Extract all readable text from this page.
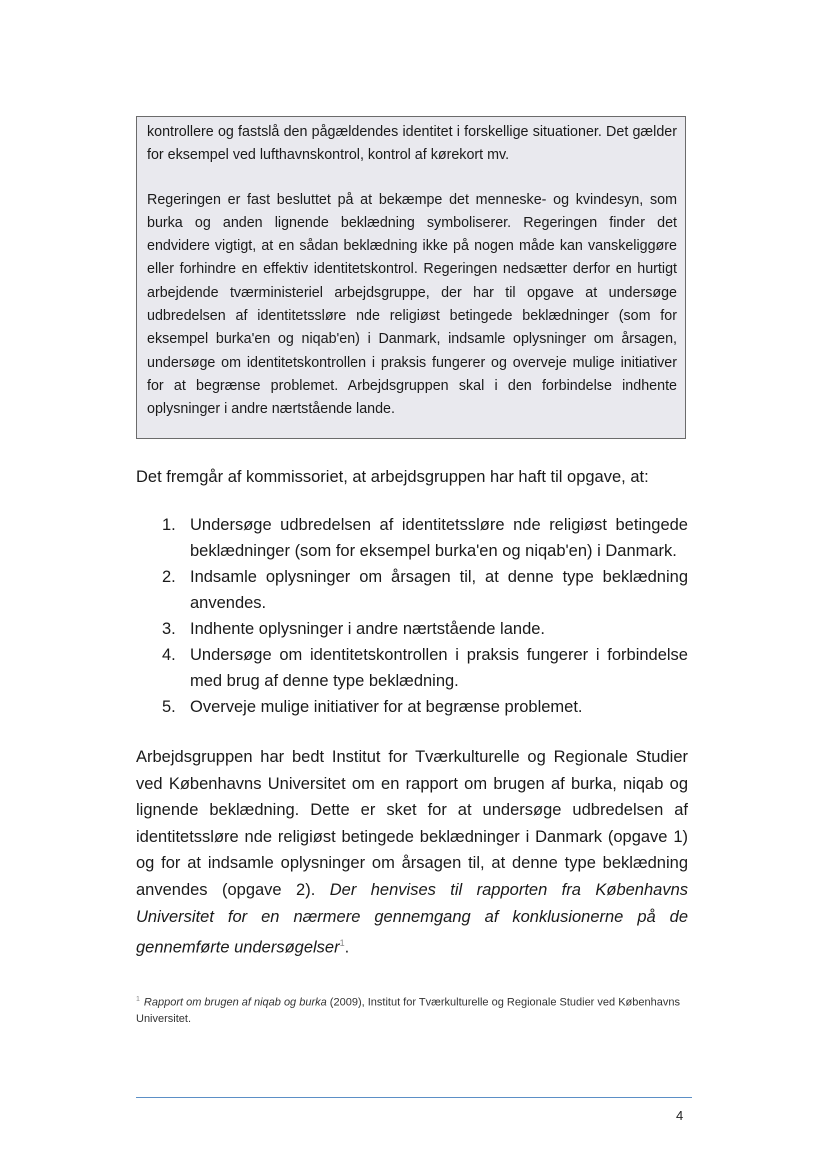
kontrollere og fastslå den pågældendes identitet i forskellige situationer. Det gælder for eksempel ved lufthavnskontrol, kontrol af kørekort mv.

Regeringen er fast besluttet på at bekæmpe det menneske- og kvindesyn, som burka og anden lignende beklædning symboliserer. Regeringen finder det endvidere vigtigt, at en sådan beklædning ikke på nogen måde kan vanskeliggøre eller forhindre en effektiv identitetskontrol. Regeringen nedsætter derfor en hurtigt arbejdende tværministeriel arbejdsgruppe, der har til opgave at undersøge udbredelsen af identitetssløre nde religiøst betingede beklædninger (som for eksempel burka'en og niqab'en) i Danmark, indsamle oplysninger om årsagen, undersøge om identitetskontrollen i praksis fungerer og overveje mulige initiativer for at begrænse problemet. Arbejdsgruppen skal i den forbindelse indhente oplysninger i andre nærtstående lande.

Det fremgår af kommissoriet, at arbejdsgruppen har haft til opgave, at:

1. Undersøge udbredelsen af identitetssløre nde religiøst betingede beklædninger (som for eksempel burka'en og niqab'en) i Danmark.
2. Indsamle oplysninger om årsagen til, at denne type beklædning anvendes.
3. Indhente oplysninger i andre nærtstående lande.
4. Undersøge om identitetskontrollen i praksis fungerer i forbindelse med brug af denne type beklædning.
5. Overveje mulige initiativer for at begrænse problemet.

Arbejdsgruppen har bedt Institut for Tværkulturelle og Regionale Studier ved Københavns Universitet om en rapport om brugen af burka, niqab og lignende beklædning. Dette er sket for at undersøge udbredelsen af identitetssløre nde religiøst betingede beklædninger i Danmark (opgave 1) og for at indsamle oplysninger om årsagen til, at denne type beklædning anvendes (opgave 2). Der henvises til rapporten fra Københavns Universitet for en nærmere gennemgang af konklusionerne på de gennemførte undersøgelser$^1$.

$^1$ Rapport om brugen af niqab og burka (2009), Institut for Tværkulturelle og Regionale Studier ved Københavns Universitet.

4
